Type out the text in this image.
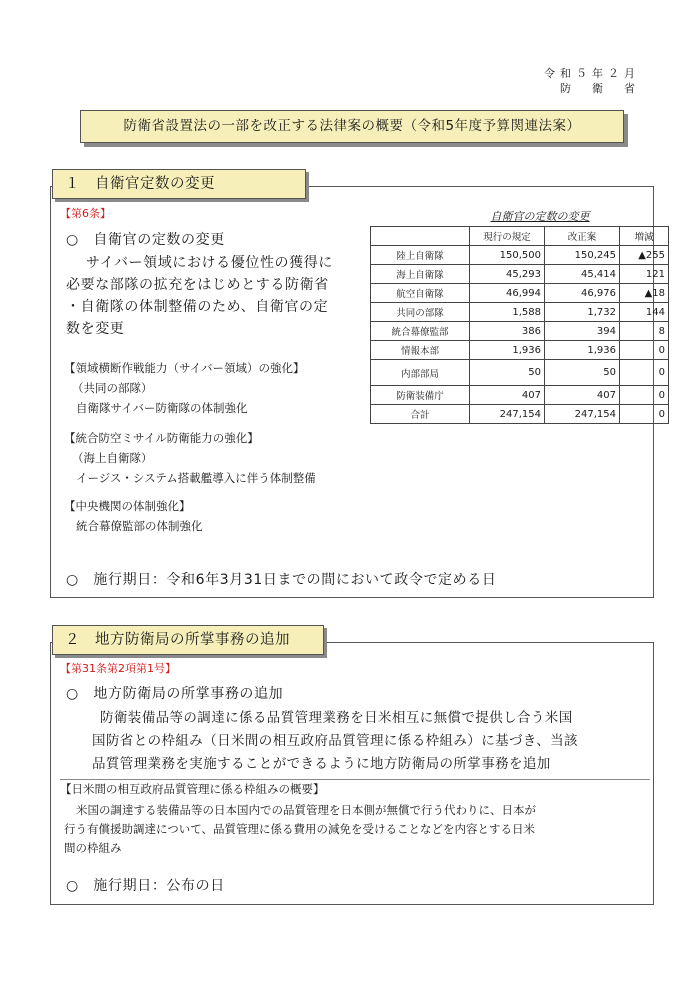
令和５年２月
防　衛　省
防衛省設置法の一部を改正する法律案の概要（令和5年度予算関連法案）
１　自衛官定数の変更
【第6条】
○　自衛官の定数の変更
サイバー領域における優位性の獲得に
必要な部隊の拡充をはじめとする防衛省
・自衛隊の体制整備のため、自衛官の定
数を変更
【領域横断作戦能力（サイバー領域）の強化】
（共同の部隊）
自衛隊サイバー防衛隊の体制強化
【統合防空ミサイル防衛能力の強化】
（海上自衛隊）
イージス・システム搭載艦導入に伴う体制整備
【中央機関の体制強化】
統合幕僚監部の体制強化
○　施行期日：令和6年3月31日までの間において政令で定める日
自衛官の定数の変更
	現行の規定	改正案	増減
陸上自衛隊	150,500	150,245	▲255
海上自衛隊	45,293	45,414	121
航空自衛隊	46,994	46,976	▲18
共同の部隊	1,588	1,732	144
統合幕僚監部	386	394	8
情報本部	1,936	1,936	0
内部部局	50	50	0
防衛装備庁	407	407	0
合計	247,154	247,154	0
２　地方防衛局の所掌事務の追加
【第31条第2項第1号】
○　地方防衛局の所掌事務の追加
防衛装備品等の調達に係る品質管理業務を日米相互に無償で提供し合う米国
国防省との枠組み（日米間の相互政府品質管理に係る枠組み）に基づき、当該
品質管理業務を実施することができるように地方防衛局の所掌事務を追加
【日米間の相互政府品質管理に係る枠組みの概要】
米国の調達する装備品等の日本国内での品質管理を日本側が無償で行う代わりに、日本が
行う有償援助調達について、品質管理に係る費用の減免を受けることなどを内容とする日米
間の枠組み
○　施行期日：公布の日
